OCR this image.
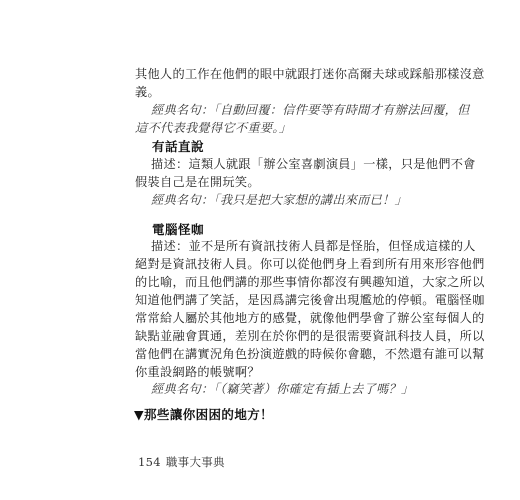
其他人的工作在他們的眼中就跟打迷你高爾夫球或踩船那樣沒意
義。
經典名句：「自動回覆：信件要等有時間才有辦法回覆，但
這不代表我覺得它不重要。」
有話直說
描述：這類人就跟「辦公室喜劇演員」一樣，只是他們不會
假裝自己是在開玩笑。
經典名句：「我只是把大家想的講出來而已！」
電腦怪咖
描述：並不是所有資訊技術人員都是怪胎，但怪成這樣的人
絕對是資訊技術人員。你可以從他們身上看到所有用來形容他們
的比喻，而且他們講的那些事情你都沒有興趣知道，大家之所以
知道他們講了笑話，是因爲講完後會出現尷尬的停頓。電腦怪咖
常常給人屬於其他地方的感覺，就像他們學會了辦公室每個人的
缺點並融會貫通，差別在於你們的是很需要資訊科技人員，所以
當他們在講實況角色扮演遊戲的時候你會聽，不然還有誰可以幫
你重設網路的帳號啊？
▼那些讓你困困的地方！
154 職事大事典
經典名句：「（竊笑著）你確定有插上去了嗎？」
